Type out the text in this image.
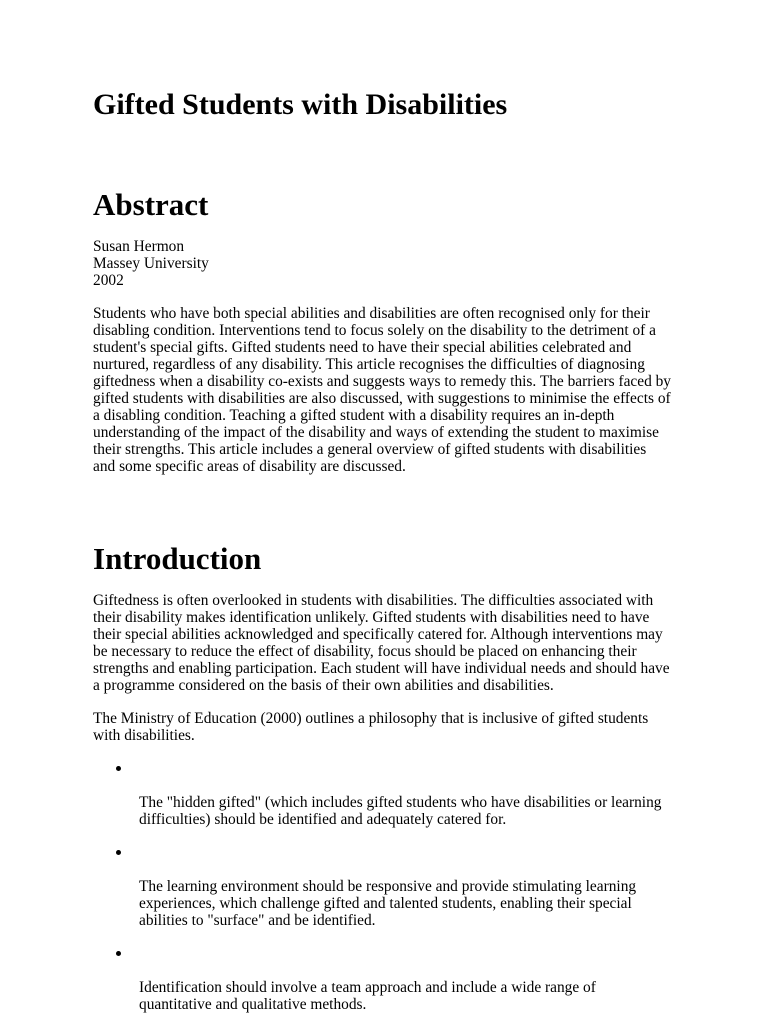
Gifted Students with Disabilities
Abstract
Susan Hermon
Massey University
2002

Students who have both special abilities and disabilities are often recognised only for their
disabling condition. Interventions tend to focus solely on the disability to the detriment of a
student's special gifts. Gifted students need to have their special abilities celebrated and
nurtured, regardless of any disability. This article recognises the difficulties of diagnosing
giftedness when a disability co-exists and suggests ways to remedy this. The barriers faced by
gifted students with disabilities are also discussed, with suggestions to minimise the effects of
a disabling condition. Teaching a gifted student with a disability requires an in-depth
understanding of the impact of the disability and ways of extending the student to maximise
their strengths. This article includes a general overview of gifted students with disabilities
and some specific areas of disability are discussed.

Introduction

Giftedness is often overlooked in students with disabilities. The difficulties associated with
their disability makes identification unlikely. Gifted students with disabilities need to have
their special abilities acknowledged and specifically catered for. Although interventions may
be necessary to reduce the effect of disability, focus should be placed on enhancing their
strengths and enabling participation. Each student will have individual needs and should have
a programme considered on the basis of their own abilities and disabilities.

The Ministry of Education (2000) outlines a philosophy that is inclusive of gifted students
with disabilities.

The "hidden gifted" (which includes gifted students who have disabilities or learning
difficulties) should be identified and adequately catered for.

The learning environment should be responsive and provide stimulating learning
experiences, which challenge gifted and talented students, enabling their special
abilities to "surface" and be identified.

Identification should involve a team approach and include a wide range of
quantitative and qualitative methods.
